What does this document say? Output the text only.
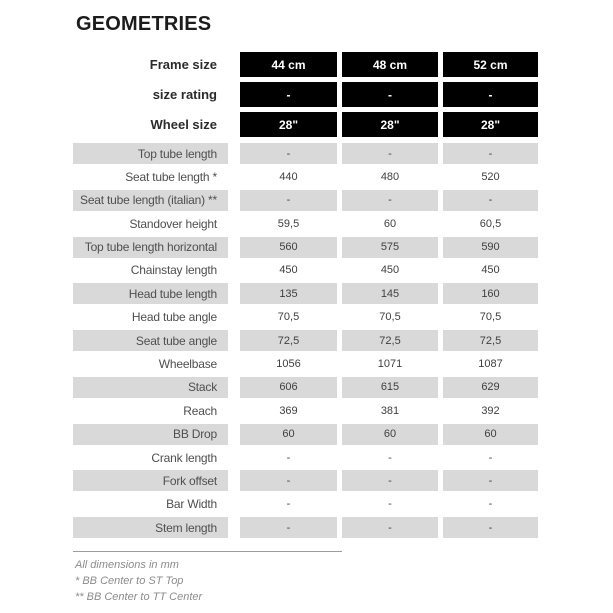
GEOMETRIES
Frame size	44 cm	48 cm	52 cm
size rating	-	-	-
Wheel size	28"	28"	28"
Top tube length	-	-	-
Seat tube length *	440	480	520
Seat tube length (italian) **	-	-	-
Standover height	59,5	60	60,5
Top tube length horizontal	560	575	590
Chainstay length	450	450	450
Head tube length	135	145	160
Head tube angle	70,5	70,5	70,5
Seat tube angle	72,5	72,5	72,5
Wheelbase	1056	1071	1087
Stack	606	615	629
Reach	369	381	392
BB Drop	60	60	60
Crank length	-	-	-
Fork offset	-	-	-
Bar Width	-	-	-
Stem length	-	-	-
All dimensions in mm
* BB Center to ST Top
** BB Center to TT Center
